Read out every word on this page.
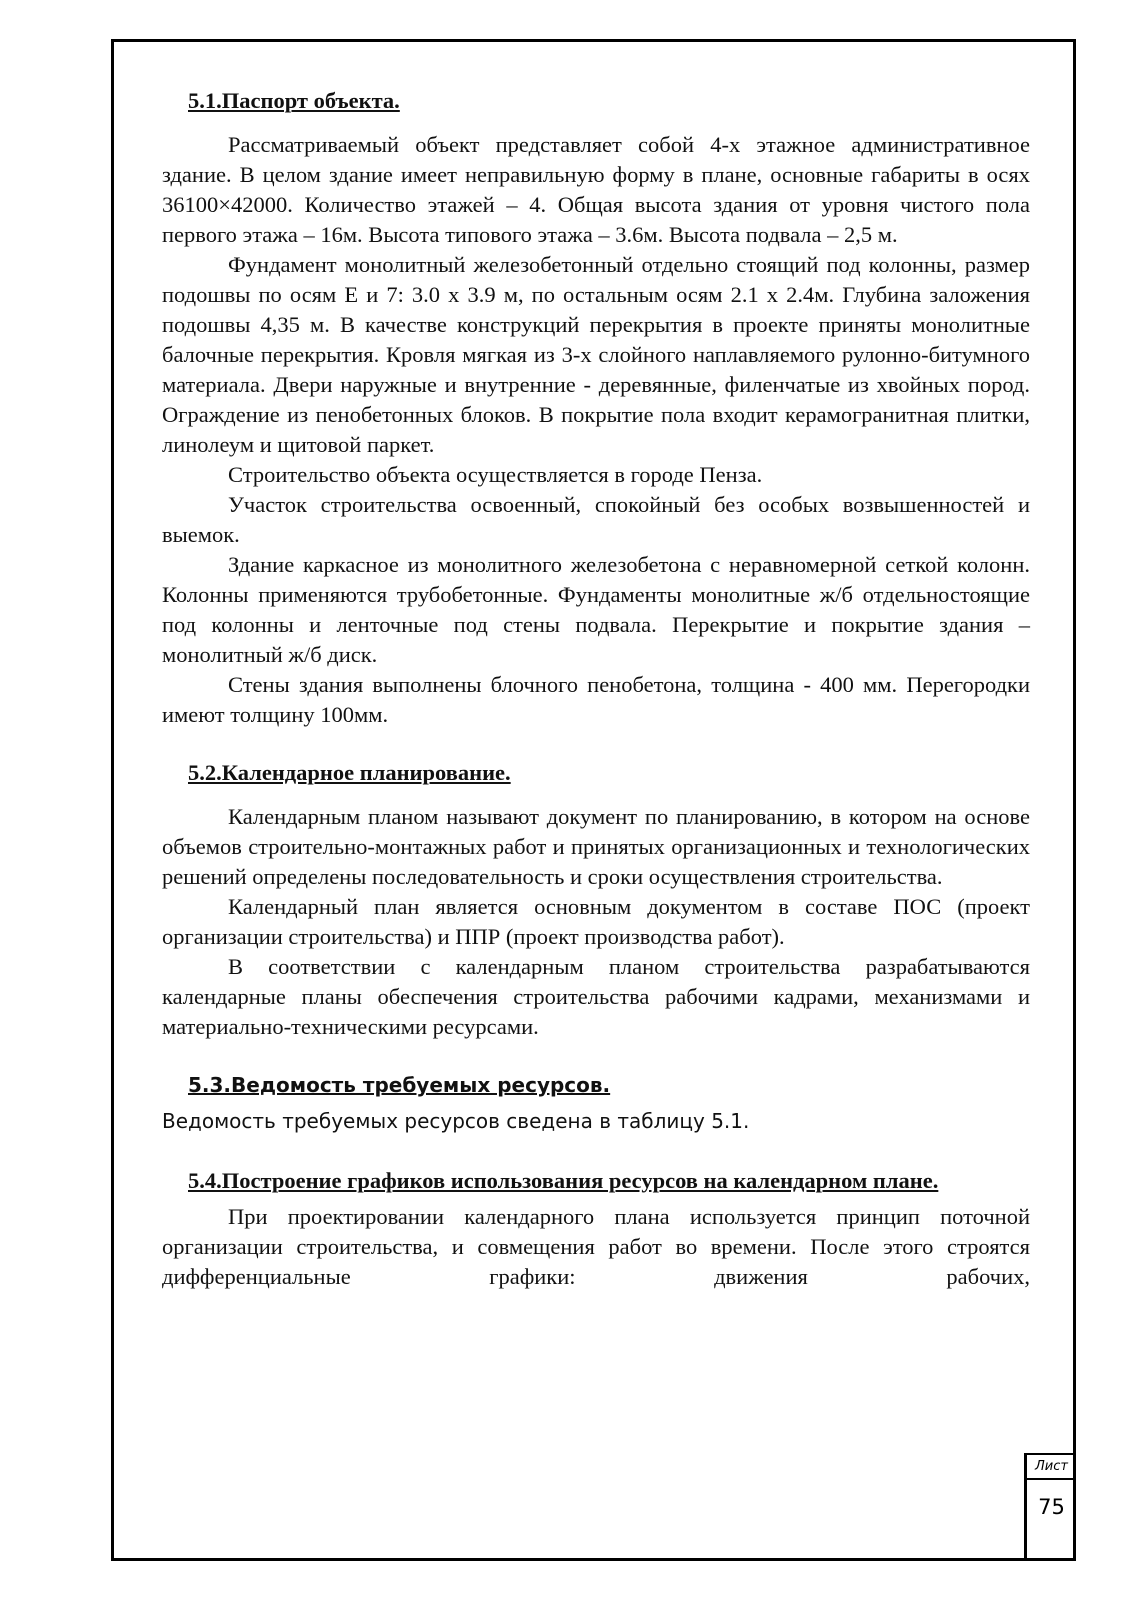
5.1.Паспорт объекта.

Рассматриваемый объект представляет собой 4-х этажное административное здание. В целом здание имеет неправильную форму в плане, основные габариты в осях 36100×42000. Количество этажей – 4. Общая высота здания от уровня чистого пола первого этажа – 16м. Высота типового этажа – 3.6м. Высота подвала – 2,5 м.

Фундамент монолитный железобетонный отдельно стоящий под колонны, размер подошвы по осям Е и 7: 3.0 х 3.9 м, по остальным осям 2.1 х 2.4м. Глубина заложения подошвы 4,35 м. В качестве конструкций перекрытия в проекте приняты монолитные балочные перекрытия. Кровля мягкая из 3-х слойного наплавляемого рулонно-битумного материала. Двери наружные и внутренние - деревянные, филенчатые из хвойных пород. Ограждение из пенобетонных блоков. В покрытие пола входит керамогранитная плитки, линолеум и щитовой паркет.

Строительство объекта осуществляется в городе Пенза.

Участок строительства освоенный, спокойный без особых возвышенностей и выемок.

Здание каркасное из монолитного железобетона с неравномерной сеткой колонн. Колонны применяются трубобетонные. Фундаменты монолитные ж/б отдельностоящие под колонны и ленточные под стены подвала. Перекрытие и покрытие здания – монолитный ж/б диск.

Стены здания выполнены блочного пенобетона, толщина - 400 мм. Перегородки имеют толщину 100мм.

5.2.Календарное планирование.

Календарным планом называют документ по планированию, в котором на основе объемов строительно-монтажных работ и принятых организационных и технологических решений определены последовательность и сроки осуществления строительства.

Календарный план является основным документом в составе ПОС (проект организации строительства) и ППР (проект производства работ).

В соответствии с календарным планом строительства разрабатываются календарные планы обеспечения строительства рабочими кадрами, механизмами и материально-техническими ресурсами.

5.3.Ведомость требуемых ресурсов.

Ведомость требуемых ресурсов сведена в таблицу 5.1.

5.4.Построение графиков использования ресурсов на календарном плане.

При проектировании календарного плана используется принцип поточной организации строительства, и совмещения работ во времени. После этого строятся дифференциальные графики: движения рабочих,

Лист
75
